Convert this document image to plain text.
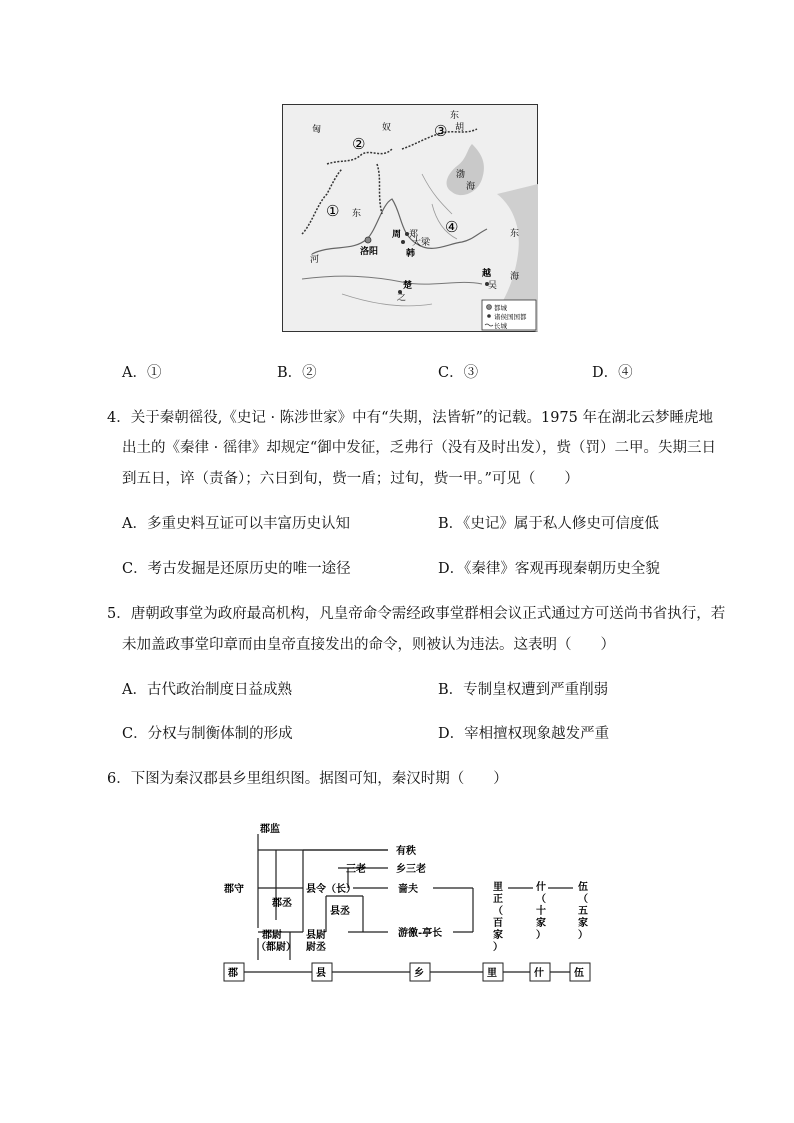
匈	奴
东
胡
渤
海
东
海
河
东
①
②
③
④
洛阳
周 郑
大梁
韩
楚
之
越
吴
都城
诸侯国国都
长城
A．①	B．②	C．③	D．④
4．关于秦朝徭役,《史记 · 陈涉世家》中有“失期，法皆斩”的记载。1975 年在湖北云梦睡虎地
出土的《秦律 · 徭律》却规定“御中发征，乏弗行（没有及时出发），赀（罚）二甲。失期三日
到五日，谇（责备）；六日到旬，赀一盾；过旬，赀一甲。”可见（　　）
A．多重史料互证可以丰富历史认知	B．《史记》属于私人修史可信度低
C．考古发掘是还原历史的唯一途径	D．《秦律》客观再现秦朝历史全貌
5．唐朝政事堂为政府最高机构，凡皇帝命令需经政事堂群相会议正式通过方可送尚书省执行，若
未加盖政事堂印章而由皇帝直接发出的命令，则被认为违法。这表明（　　）
A．古代政治制度日益成熟	B．专制皇权遭到严重削弱
C．分权与制衡体制的形成	D．宰相擅权现象越发严重
6．下图为秦汉郡县乡里组织图。据图可知，秦汉时期（　　）
郡监
有秩
三老	乡三老
郡守	县令（长）	啬夫
郡丞
县丞
游徼-亭长
郡尉
（都尉）
县尉
尉丞
里
正
（
百
家
）
什
（
十
家
）
伍
（
五
家
）
郡	县	乡	里	什	伍
